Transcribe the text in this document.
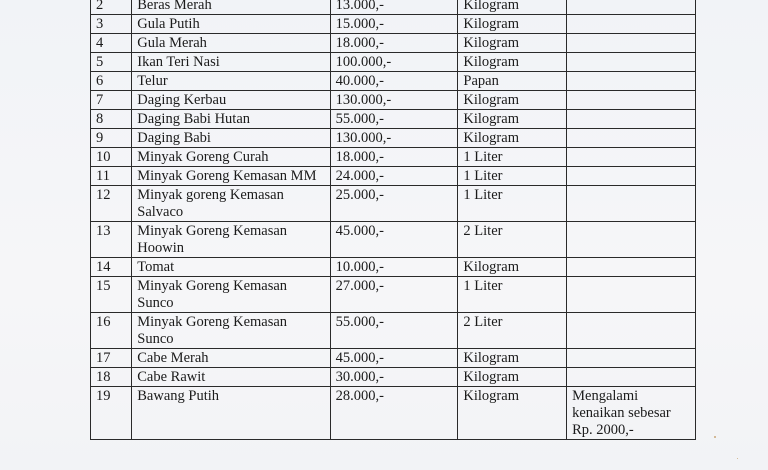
2	Beras Merah	13.000,-	Kilogram	
3	Gula Putih	15.000,-	Kilogram	
4	Gula Merah	18.000,-	Kilogram	
5	Ikan Teri Nasi	100.000,-	Kilogram	
6	Telur	40.000,-	Papan	
7	Daging Kerbau	130.000,-	Kilogram	
8	Daging Babi Hutan	55.000,-	Kilogram	
9	Daging Babi	130.000,-	Kilogram	
10	Minyak Goreng Curah	18.000,-	1 Liter	
11	Minyak Goreng Kemasan MM	24.000,-	1 Liter	
12	Minyak goreng Kemasan Salvaco	25.000,-	1 Liter	
13	Minyak Goreng Kemasan Hoowin	45.000,-	2 Liter	
14	Tomat	10.000,-	Kilogram	
15	Minyak Goreng Kemasan Sunco	27.000,-	1 Liter	
16	Minyak Goreng Kemasan Sunco	55.000,-	2 Liter	
17	Cabe Merah	45.000,-	Kilogram	
18	Cabe Rawit	30.000,-	Kilogram	
19	Bawang Putih	28.000,-	Kilogram	Mengalami kenaikan sebesar Rp. 2000,-
